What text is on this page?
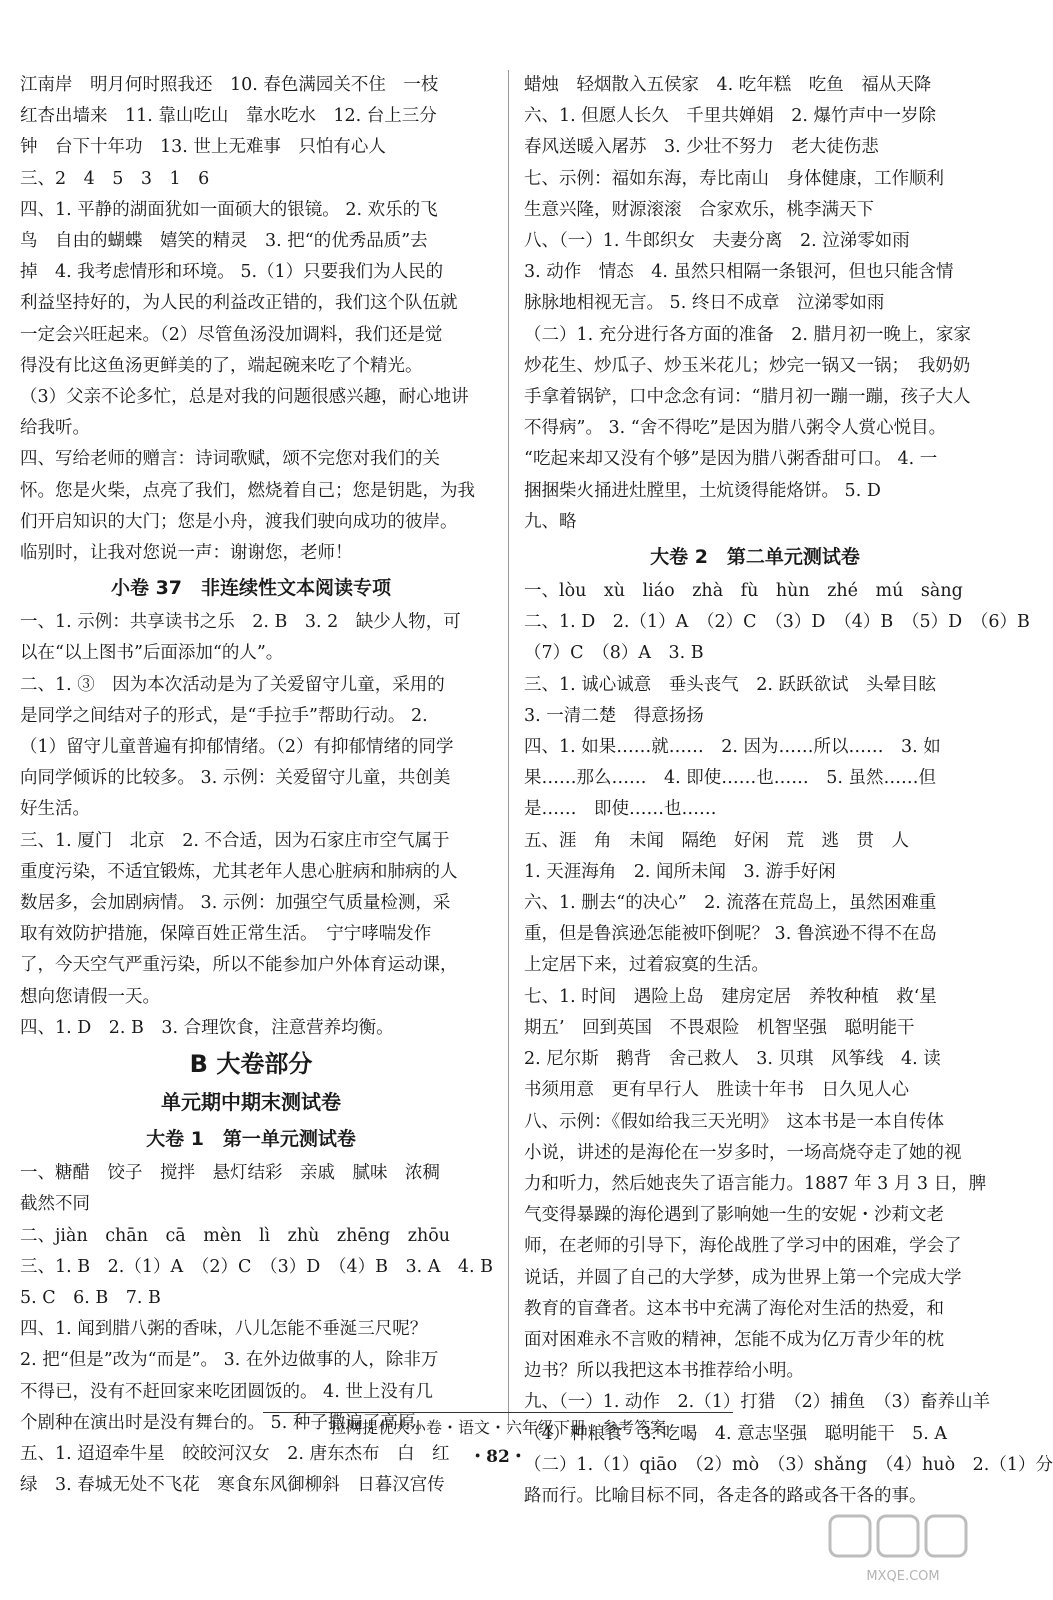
江南岸　明月何时照我还　10. 春色满园关不住　一枝
红杏出墙来　11. 靠山吃山　靠水吃水　12. 台上三分
钟　台下十年功　13. 世上无难事　只怕有心人
三、2　4　5　3　1　6
四、1. 平静的湖面犹如一面硕大的银镜。 2. 欢乐的飞
鸟　自由的蝴蝶　嬉笑的精灵　3. 把“的优秀品质”去
掉　4. 我考虑情形和环境。 5.（1）只要我们为人民的
利益坚持好的，为人民的利益改正错的，我们这个队伍就
一定会兴旺起来。（2）尽管鱼汤没加调料，我们还是觉
得没有比这鱼汤更鲜美的了，端起碗来吃了个精光。
（3）父亲不论多忙，总是对我的问题很感兴趣，耐心地讲
给我听。
四、写给老师的赠言：诗词歌赋，颂不完您对我们的关
怀。您是火柴，点亮了我们，燃烧着自己；您是钥匙，为我
们开启知识的大门；您是小舟，渡我们驶向成功的彼岸。
临别时，让我对您说一声：谢谢您，老师！
小卷 37　非连续性文本阅读专项
一、1. 示例：共享读书之乐　2. B　3. 2　缺少人物，可
以在“以上图书”后面添加“的人”。
二、1. ③　因为本次活动是为了关爱留守儿童，采用的
是同学之间结对子的形式，是“手拉手”帮助行动。 2.
（1）留守儿童普遍有抑郁情绪。（2）有抑郁情绪的同学
向同学倾诉的比较多。 3. 示例：关爱留守儿童，共创美
好生活。
三、1. 厦门　北京　2. 不合适，因为石家庄市空气属于
重度污染，不适宜锻炼，尤其老年人患心脏病和肺病的人
数居多，会加剧病情。 3. 示例：加强空气质量检测，采
取有效防护措施，保障百姓正常生活。　宁宁哮喘发作
了，今天空气严重污染，所以不能参加户外体育运动课，
想向您请假一天。
四、1. D　2. B　3. 合理饮食，注意营养均衡。
B 大卷部分
单元期中期末测试卷
大卷 1　第一单元测试卷
一、糖醋　饺子　搅拌　悬灯结彩　亲戚　腻味　浓稠
截然不同
二、jiàn　chān　cā　mèn　lì　zhù　zhēng　zhōu
三、1. B　2.（1）A　（2）C　（3）D　（4）B　3. A　4. B
5. C　6. B　7. B
四、1. 闻到腊八粥的香味，八儿怎能不垂涎三尺呢？
2. 把“但是”改为“而是”。 3. 在外边做事的人，除非万
不得已，没有不赶回家来吃团圆饭的。 4. 世上没有几
个剧种在演出时是没有舞台的。 5. 种子撒遍了高原。
五、1. 迢迢牵牛星　皎皎河汉女　2. 唐东杰布　白　红
绿　3. 春城无处不飞花　寒食东风御柳斜　日暮汉宫传
蜡烛　轻烟散入五侯家　4. 吃年糕　吃鱼　福从天降
六、1. 但愿人长久　千里共婵娟　2. 爆竹声中一岁除
春风送暖入屠苏　3. 少壮不努力　老大徒伤悲
七、示例：福如东海，寿比南山　身体健康，工作顺利
生意兴隆，财源滚滚　合家欢乐，桃李满天下
八、（一）1. 牛郎织女　夫妻分离　2. 泣涕零如雨
3. 动作　情态　4. 虽然只相隔一条银河，但也只能含情
脉脉地相视无言。 5. 终日不成章　泣涕零如雨
（二）1. 充分进行各方面的准备　2. 腊月初一晚上，家家
炒花生、炒瓜子、炒玉米花儿；炒完一锅又一锅；　我奶奶
手拿着锅铲，口中念念有词：“腊月初一蹦一蹦，孩子大人
不得病”。 3. “舍不得吃”是因为腊八粥令人赏心悦目。
“吃起来却又没有个够”是因为腊八粥香甜可口。 4. 一
捆捆柴火捅进灶膛里，土炕烫得能烙饼。 5. D
九、略
大卷 2　第二单元测试卷
一、lòu　xù　liáo　zhà　fù　hùn　zhé　mú　sàng
二、1. D　2.（1）A　（2）C　（3）D　（4）B　（5）D　（6）B
（7）C　（8）A　3. B
三、1. 诚心诚意　垂头丧气　2. 跃跃欲试　头晕目眩
3. 一清二楚　得意扬扬
四、1. 如果……就……　2. 因为……所以……　3. 如
果……那么……　4. 即使……也……　5. 虽然……但
是……　即使……也……
五、涯　角　未闻　隔绝　好闲　荒　逃　贯　人
1. 天涯海角　2. 闻所未闻　3. 游手好闲
六、1. 删去“的决心”　2. 流落在荒岛上，虽然困难重
重，但是鲁滨逊怎能被吓倒呢？ 3. 鲁滨逊不得不在岛
上定居下来，过着寂寞的生活。
七、1. 时间　遇险上岛　建房定居　养牧种植　救‘星
期五’　回到英国　不畏艰险　机智坚强　聪明能干
2. 尼尔斯　鹅背　舍己救人　3. 贝琪　风筝线　4. 读
书须用意　更有早行人　胜读十年书　日久见人心
八、示例：《假如给我三天光明》　这本书是一本自传体
小说，讲述的是海伦在一岁多时，一场高烧夺走了她的视
力和听力，然后她丧失了语言能力。1887 年 3 月 3 日，脾
气变得暴躁的海伦遇到了影响她一生的安妮・沙莉文老
师，在老师的引导下，海伦战胜了学习中的困难，学会了
说话，并圆了自己的大学梦，成为世界上第一个完成大学
教育的盲聋者。这本书中充满了海伦对生活的热爱，和
面对困难永不言败的精神，怎能不成为亿万青少年的枕
边书？所以我把这本书推荐给小明。
九、（一）1. 动作　2.（1）打猎　（2）捕鱼　（3）畜养山羊
（4）种粮食　3. 吃喝　4. 意志坚强　聪明能干　5. A
（二）1.（1）qiāo　（2）mò　（3）shǎng　（4）huò　2.（1）分
路而行。比喻目标不同，各走各的路或各干各的事。
拉网提优大小卷・语文・六年级下册　参考答案
・82・
MXQE.COM
